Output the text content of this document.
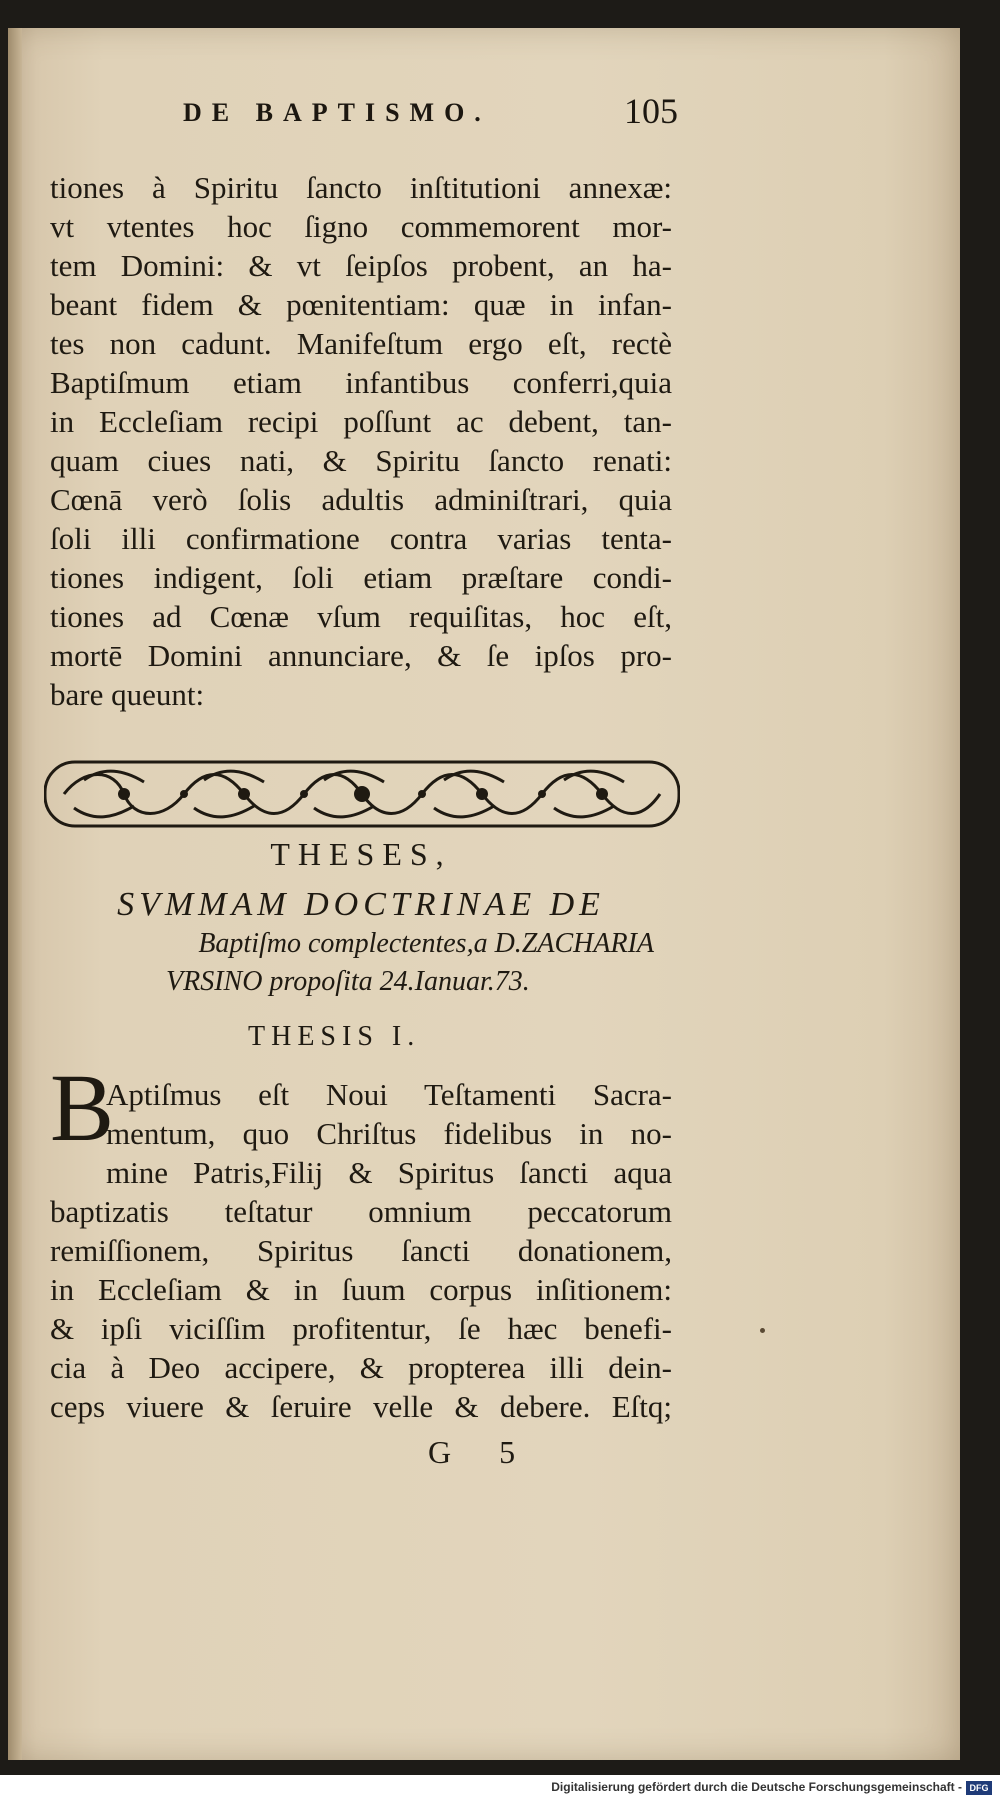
DE BAPTISMO.	105
tiones à Spiritu ſancto inſtitutioni annexæ:
vt vtentes hoc ſigno commemorent mor-
tem Domini: & vt ſeipſos probent, an ha-
beant fidem & pœnitentiam: quæ in infan-
tes non cadunt. Manifeſtum ergo eſt, rectè
Baptiſmum etiam infantibus conferri,quia
in Eccleſiam recipi poſſunt ac debent, tan-
quam ciues nati, & Spiritu ſancto renati:
Cœnā verò ſolis adultis adminiſtrari, quia
ſoli illi confirmatione contra varias tenta-
tiones indigent, ſoli etiam præſtare condi-
tiones ad Cœnæ vſum requiſitas, hoc eſt,
mortē Domini annunciare, & ſe ipſos pro-
bare queunt:
THESES,
SVMMAM DOCTRINAE DE
Baptiſmo complectentes,a D.ZACHARIA
VRSINO propoſita 24.Ianuar.73.
THESIS I.
B
Aptiſmus eſt Noui Teſtamenti Sacra-
mentum, quo Chriſtus fidelibus in no-
mine Patris,Filij & Spiritus ſancti aqua
baptizatis teſtatur omnium peccatorum
remiſſionem, Spiritus ſancti donationem,
in Eccleſiam & in ſuum corpus inſitionem:
& ipſi viciſſim profitentur, ſe hæc benefi-
cia à Deo accipere, & propterea illi dein-
ceps viuere & ſeruire velle & debere. Eſtq;
G 5
Digitalisierung gefördert durch die Deutsche Forschungsgemeinschaft - DFG
